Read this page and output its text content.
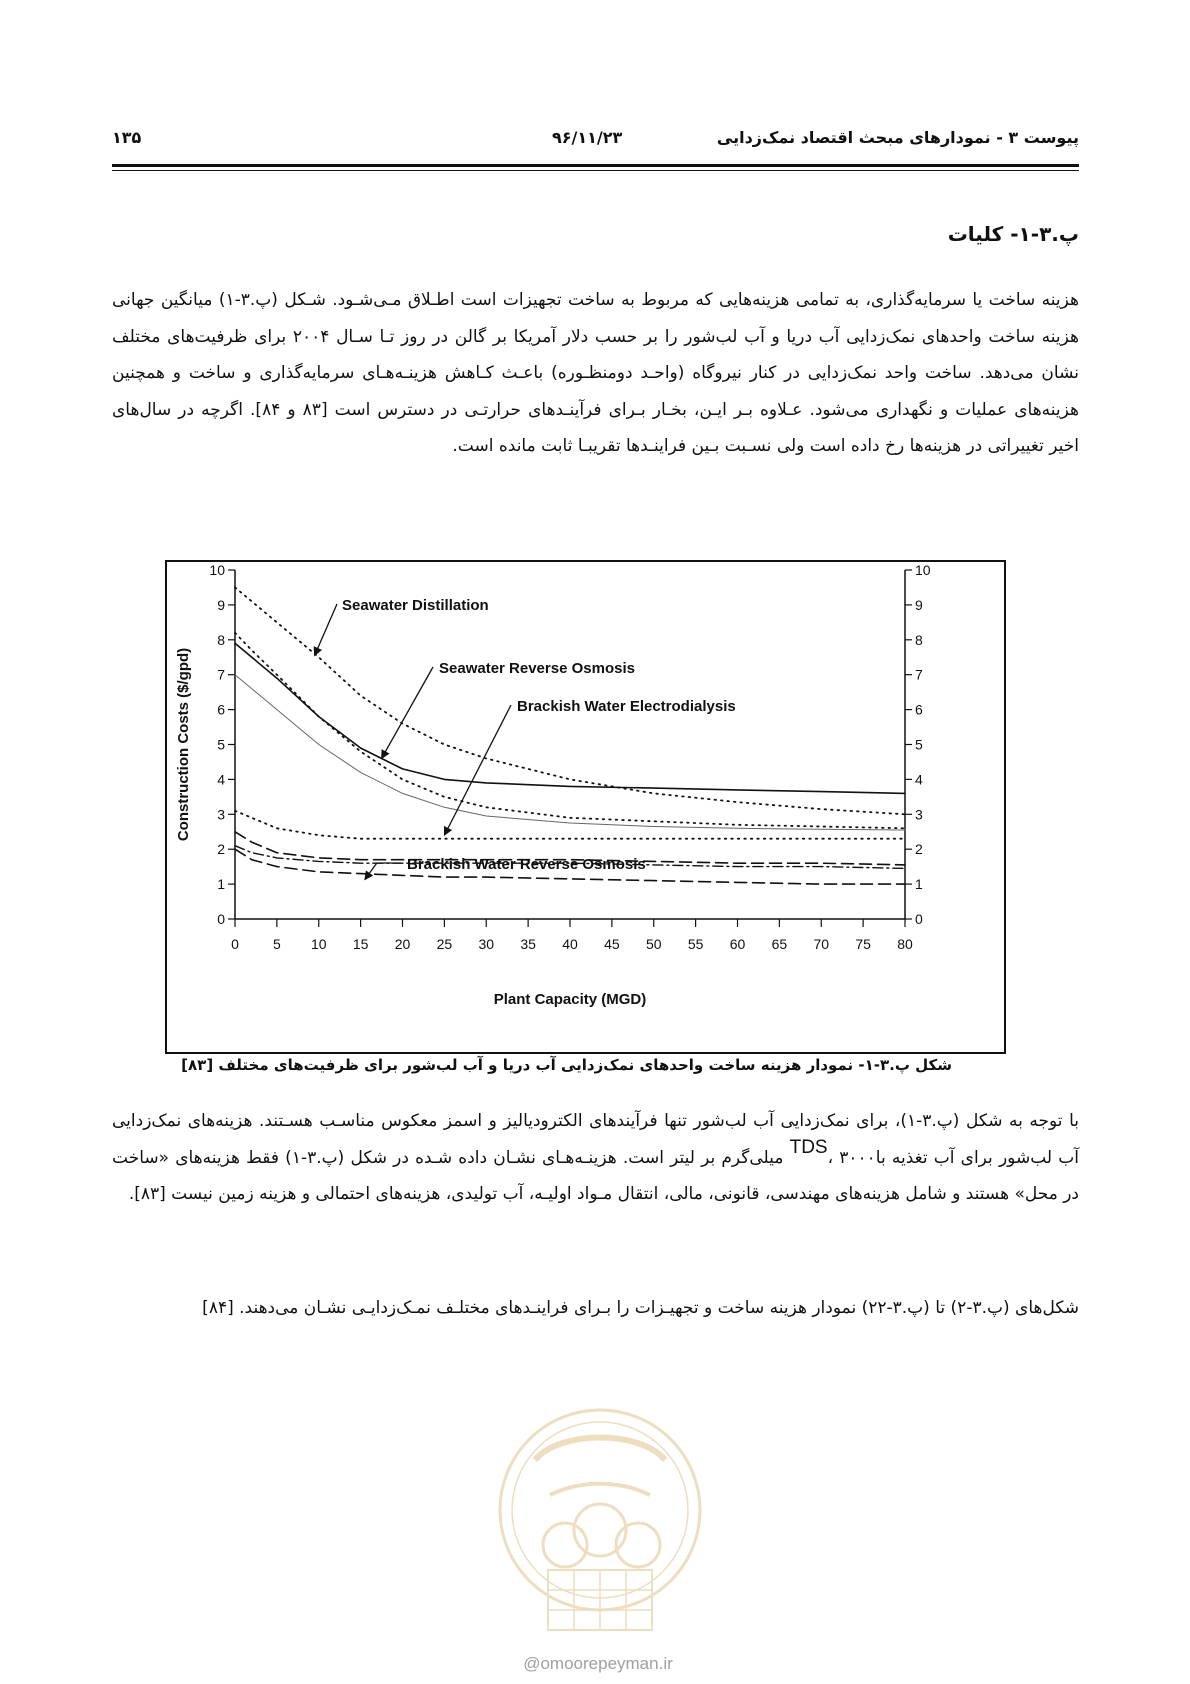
۱۳۵	۹۶/۱۱/۲۳	پیوست ۳ - نمودارهای مبحث اقتصاد نمک‌زدایی
پ.۳-۱- کلیات
هزینه ساخت یا سرمایه‌گذاری، به تمامی هزینه‌هایی که مربوط به ساخت تجهیزات است اطـلاق مـی‌شـود. شـکل (پ.۳-۱) میانگین جهانی هزینه ساخت واحدهای نمک‌زدایی آب دریا و آب لب‌شور را بر حسب دلار آمریکا بر گالن در روز تـا سـال ۲۰۰۴ برای ظرفیت‌های مختلف نشان می‌دهد. ساخت واحد نمک‌زدایی در کنار نیروگاه (واحـد دومنظـوره) باعـث کـاهش هزینـه‌هـای سرمایه‌گذاری و ساخت و همچنین هزینه‌های عملیات و نگهداری می‌شود. عـلاوه بـر ایـن، بخـار بـرای فرآینـدهای حرارتـی در دسترس است [۸۳ و ۸۴]. اگرچه در سال‌های اخیر تغییراتی در هزینه‌ها رخ داده است ولی نسـبت بـین فراینـدها تقریبـا ثابت مانده است.
0	0
1	1
2	2
3	3
4	4
5	5
6	6
7	7
8	8
9	9
10	10
0 5 10 15 20 25 30 35 40 45 50 55 60 65 70 75 80
Plant Capacity (MGD)
Construction Costs ($/gpd)
Seawater Distillation
Seawater Reverse Osmosis
Brackish Water Electrodialysis
Brackish Water Reverse Osmosis
شکل پ.۳-۱- نمودار هزینه ساخت واحدهای نمک‌زدایی آب دریا و آب لب‌شور برای ظرفیت‌های مختلف [۸۳]
با توجه به شکل (پ.۳-۱)، برای نمک‌زدایی آب لب‌شور تنها فرآیندهای الکترودیالیز و اسمز معکوس مناسـب هسـتند. هزینه‌های نمک‌زدایی آب لب‌شور برای آب تغذیه باTDS، ۳۰۰۰ میلی‌گرم بر لیتر است. هزینـه‌هـای نشـان داده شـده در شکل (پ.۳-۱) فقط هزینه‌های «ساخت در محل» هستند و شامل هزینه‌های مهندسی، قانونی، مالی، انتقال مـواد اولیـه، آب تولیدی، هزینه‌های احتمالی و هزینه زمین نیست [۸۳].
شکل‌های (پ.۳-۲) تا (پ.۳-۲۲) نمودار هزینه ساخت و تجهیـزات را بـرای فراینـدهای مختلـف نمـک‌زدایـی نشـان می‌دهند. [۸۴]
@omoorepeyman.ir
